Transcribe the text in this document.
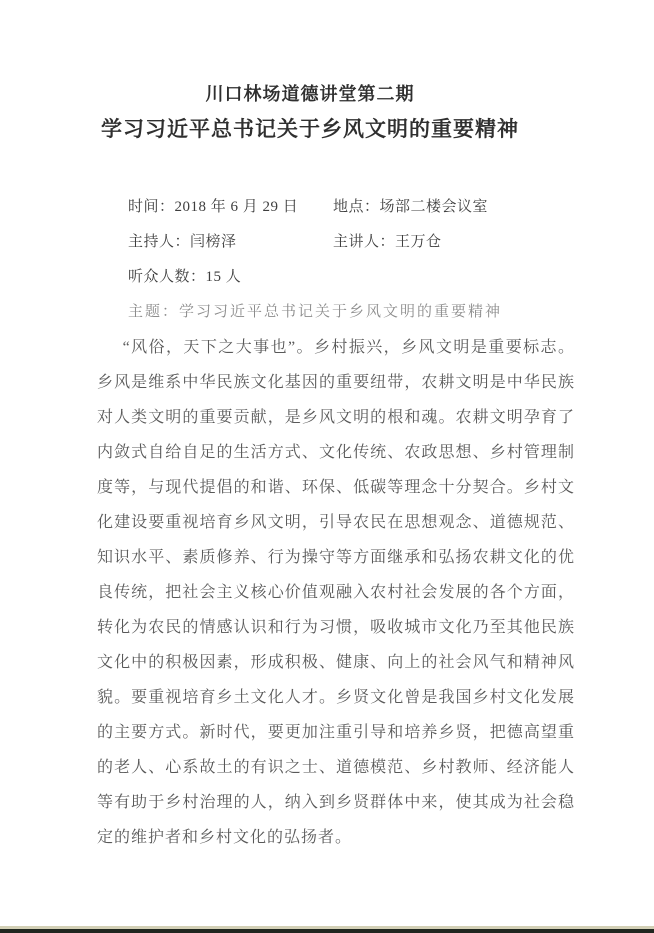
川口林场道德讲堂第二期
学习习近平总书记关于乡风文明的重要精神
时间：2018 年 6 月 29 日	地点：场部二楼会议室
主持人：闫榜泽	主讲人：王万仓
听众人数：15 人
主题：学习习近平总书记关于乡风文明的重要精神

“风俗，天下之大事也”。乡村振兴，乡风文明是重要标志。乡风是维系中华民族文化基因的重要纽带，农耕文明是中华民族对人类文明的重要贡献，是乡风文明的根和魂。农耕文明孕育了内敛式自给自足的生活方式、文化传统、农政思想、乡村管理制度等，与现代提倡的和谐、环保、低碳等理念十分契合。乡村文化建设要重视培育乡风文明，引导农民在思想观念、道德规范、知识水平、素质修养、行为操守等方面继承和弘扬农耕文化的优良传统，把社会主义核心价值观融入农村社会发展的各个方面，转化为农民的情感认识和行为习惯，吸收城市文化乃至其他民族文化中的积极因素，形成积极、健康、向上的社会风气和精神风貌。要重视培育乡土文化人才。乡贤文化曾是我国乡村文化发展的主要方式。新时代，要更加注重引导和培养乡贤，把德高望重的老人、心系故土的有识之士、道德模范、乡村教师、经济能人等有助于乡村治理的人，纳入到乡贤群体中来，使其成为社会稳定的维护者和乡村文化的弘扬者。
